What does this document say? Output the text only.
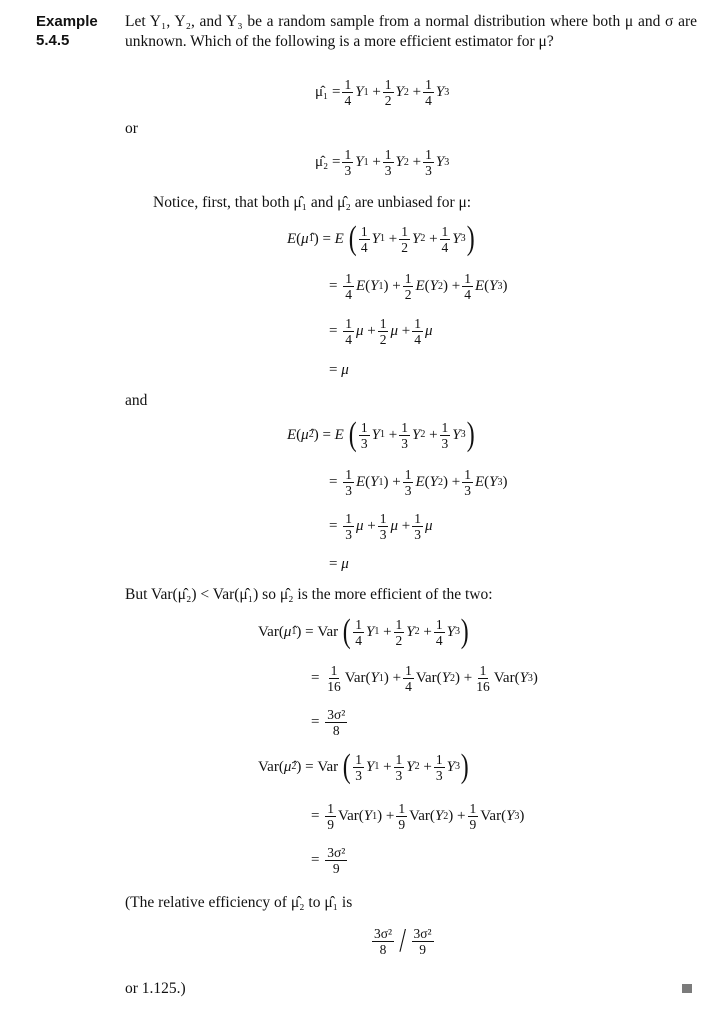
Example
5.4.5
Let Y₁, Y₂, and Y₃ be a random sample from a normal distribution where both μ and σ are unknown. Which of the following is a more efficient estimator for μ?
μ̂₁ = $\frac{1}{4}$ Y $1 + \frac{1}{2}$ Y $2 + \frac{1}{4}$ Y 3
or
μ̂₂ = $\frac{1}{3}$ Y $1 + \frac{1}{3}$ Y $2 + \frac{1}{3}$ Y 3
Notice, first, that both μ̂₁ and μ̂₂ are unbiased for μ:
E ( μ̂ 1 ) = E
( $\frac{1}{4}$ Y $1 + \frac{1}{2}$ Y $2 + \frac{1}{4}$ Y 3 )
= $\frac{1}{4}$ E ( Y 1 ) + $\frac{1}{2}$ E ( Y 2 ) + $\frac{1}{4}$ E ( Y 3 )
= $\frac{1}{4}$ $\mu + \frac{1}{2}$ $\mu + \frac{1}{4}$ μ
= μ
and
E ( μ̂ 2 ) = E
( $\frac{1}{3}$ Y $1 + \frac{1}{3}$ Y $2 + \frac{1}{3}$ Y 3 )
= $\frac{1}{3}$ E ( Y 1 ) + $\frac{1}{3}$ E ( Y 2 ) + $\frac{1}{3}$ E ( Y 3 )
= $\frac{1}{3}$ $\mu + \frac{1}{3}$ $\mu + \frac{1}{3}$ μ
= μ
But Var(μ̂₂) < Var(μ̂₁) so μ̂₂ is the more efficient of the two:
Var( μ̂ 1 ) = Var ( $\frac{1}{4}$ Y $1 + \frac{1}{2}$ Y $2 + \frac{1}{4}$ Y 3 )
= $\frac{1}{16} Var$( Y 1 ) + $\frac{1}{4} Var$( Y 2 ) + $\frac{1}{16} Var$( Y 3 )
= $\frac{\text{3σ²}}{8}$
Var( μ̂ 2 ) = Var ( $\frac{1}{3}$ Y $1 + \frac{1}{3}$ Y $2 + \frac{1}{3}$ Y 3 )
= $\frac{1}{9} Var$( Y 1 ) + $\frac{1}{9} Var$( Y 2 ) + $\frac{1}{9} Var$( Y 3 )
= $\frac{\text{3σ²}}{9}$
(The relative efficiency of μ̂₂ to μ̂₁ is
$\frac{\text{3σ²}}{8} / \frac{\text{3σ²}}{9}$
or 1.125.)
